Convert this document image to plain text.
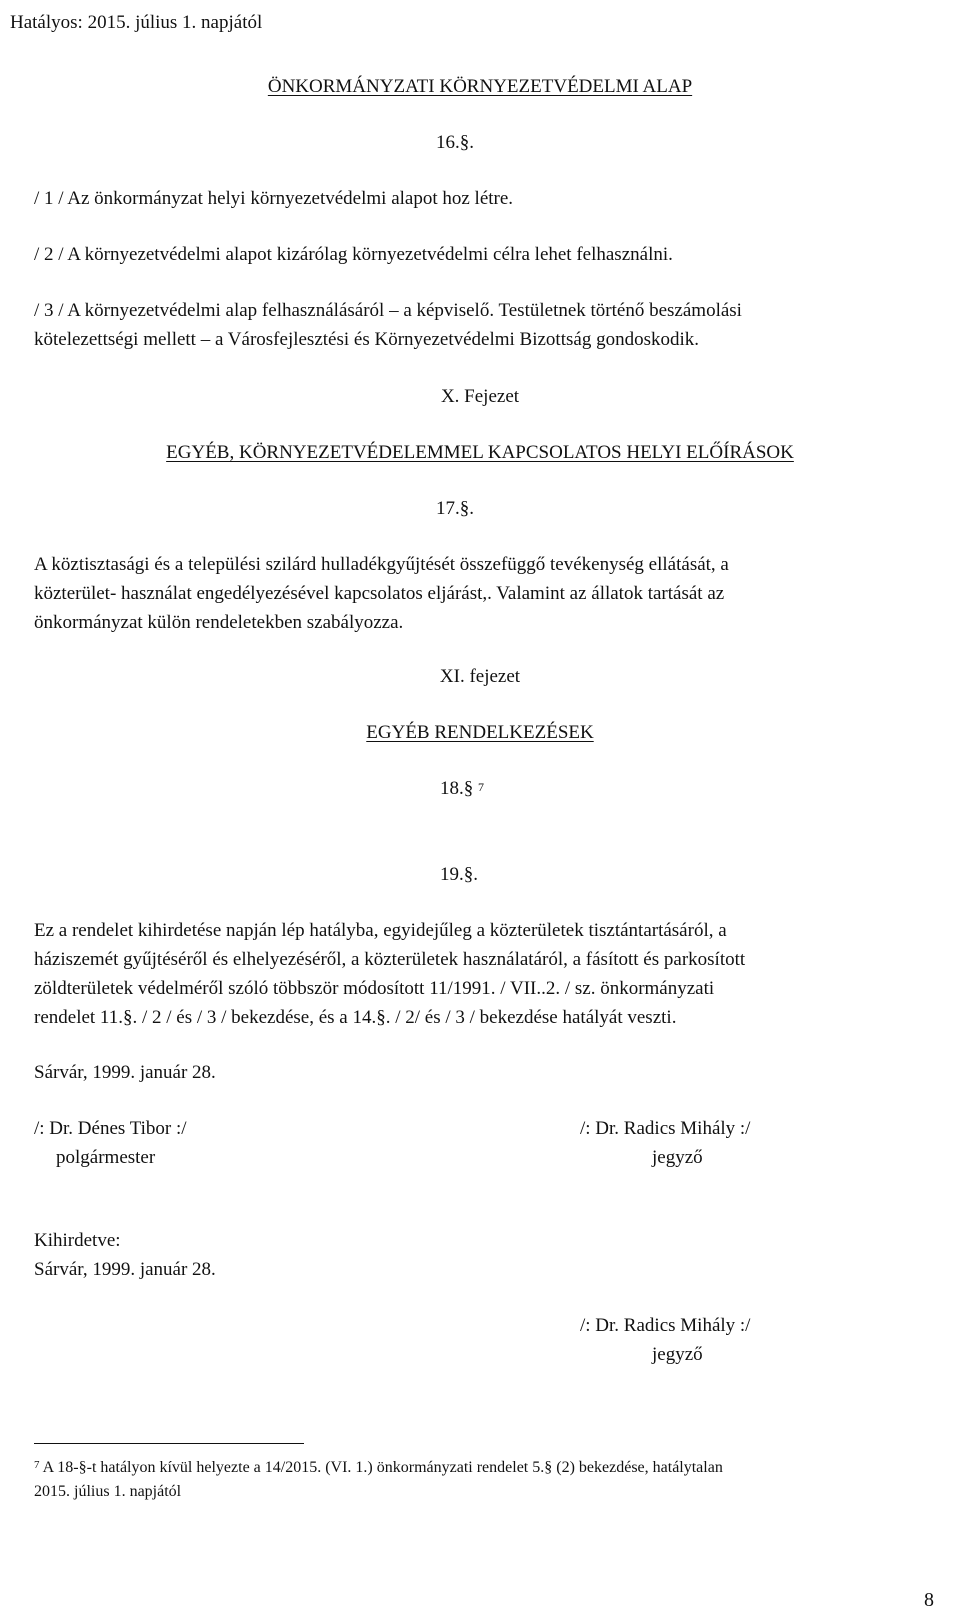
Hatályos: 2015. július 1. napjától
ÖNKORMÁNYZATI KÖRNYEZETVÉDELMI ALAP
16.§.

/ 1 / Az önkormányzat helyi környezetvédelmi alapot hoz létre.

/ 2 / A környezetvédelmi alapot kizárólag környezetvédelmi célra lehet felhasználni.

/ 3 / A környezetvédelmi alap felhasználásáról – a képviselő. Testületnek történő beszámolási

kötelezettségi mellett – a Városfejlesztési és Környezetvédelmi Bizottság gondoskodik.

X. Fejezet
EGYÉB, KÖRNYEZETVÉDELEMMEL KAPCSOLATOS HELYI ELŐÍRÁSOK
17.§.

A köztisztasági és a települési szilárd hulladékgyűjtését összefüggő tevékenység ellátását, a

közterület- használat engedélyezésével kapcsolatos eljárást,. Valamint az állatok tartását az

önkormányzat külön rendeletekben szabályozza.

XI. fejezet
EGYÉB RENDELKEZÉSEK
18.§ $^7$
19.§.

Ez a rendelet kihirdetése napján lép hatályba, egyidejűleg a közterületek tisztántartásáról, a

háziszemét gyűjtéséről és elhelyezéséről, a közterületek használatáról, a fásított és parkosított

zöldterületek védelméről szóló többször módosított 11/1991. / VII..2. / sz. önkormányzati

rendelet 11.§. / 2 / és / 3 / bekezdése, és a 14.§. / 2/ és / 3 / bekezdése hatályát veszti.

Sárvár, 1999. január 28.
/: Dr. Dénes Tibor :/
polgármester
/: Dr. Radics Mihály :/
jegyző
Kihirdetve:
Sárvár, 1999. január 28.
/: Dr. Radics Mihály :/
jegyző
$^7$ A 18-§-t hatályon kívül helyezte a 14/2015. (VI. 1.) önkormányzati rendelet 5.§ (2) bekezdése, hatálytalan
2015. július 1. napjától
8
